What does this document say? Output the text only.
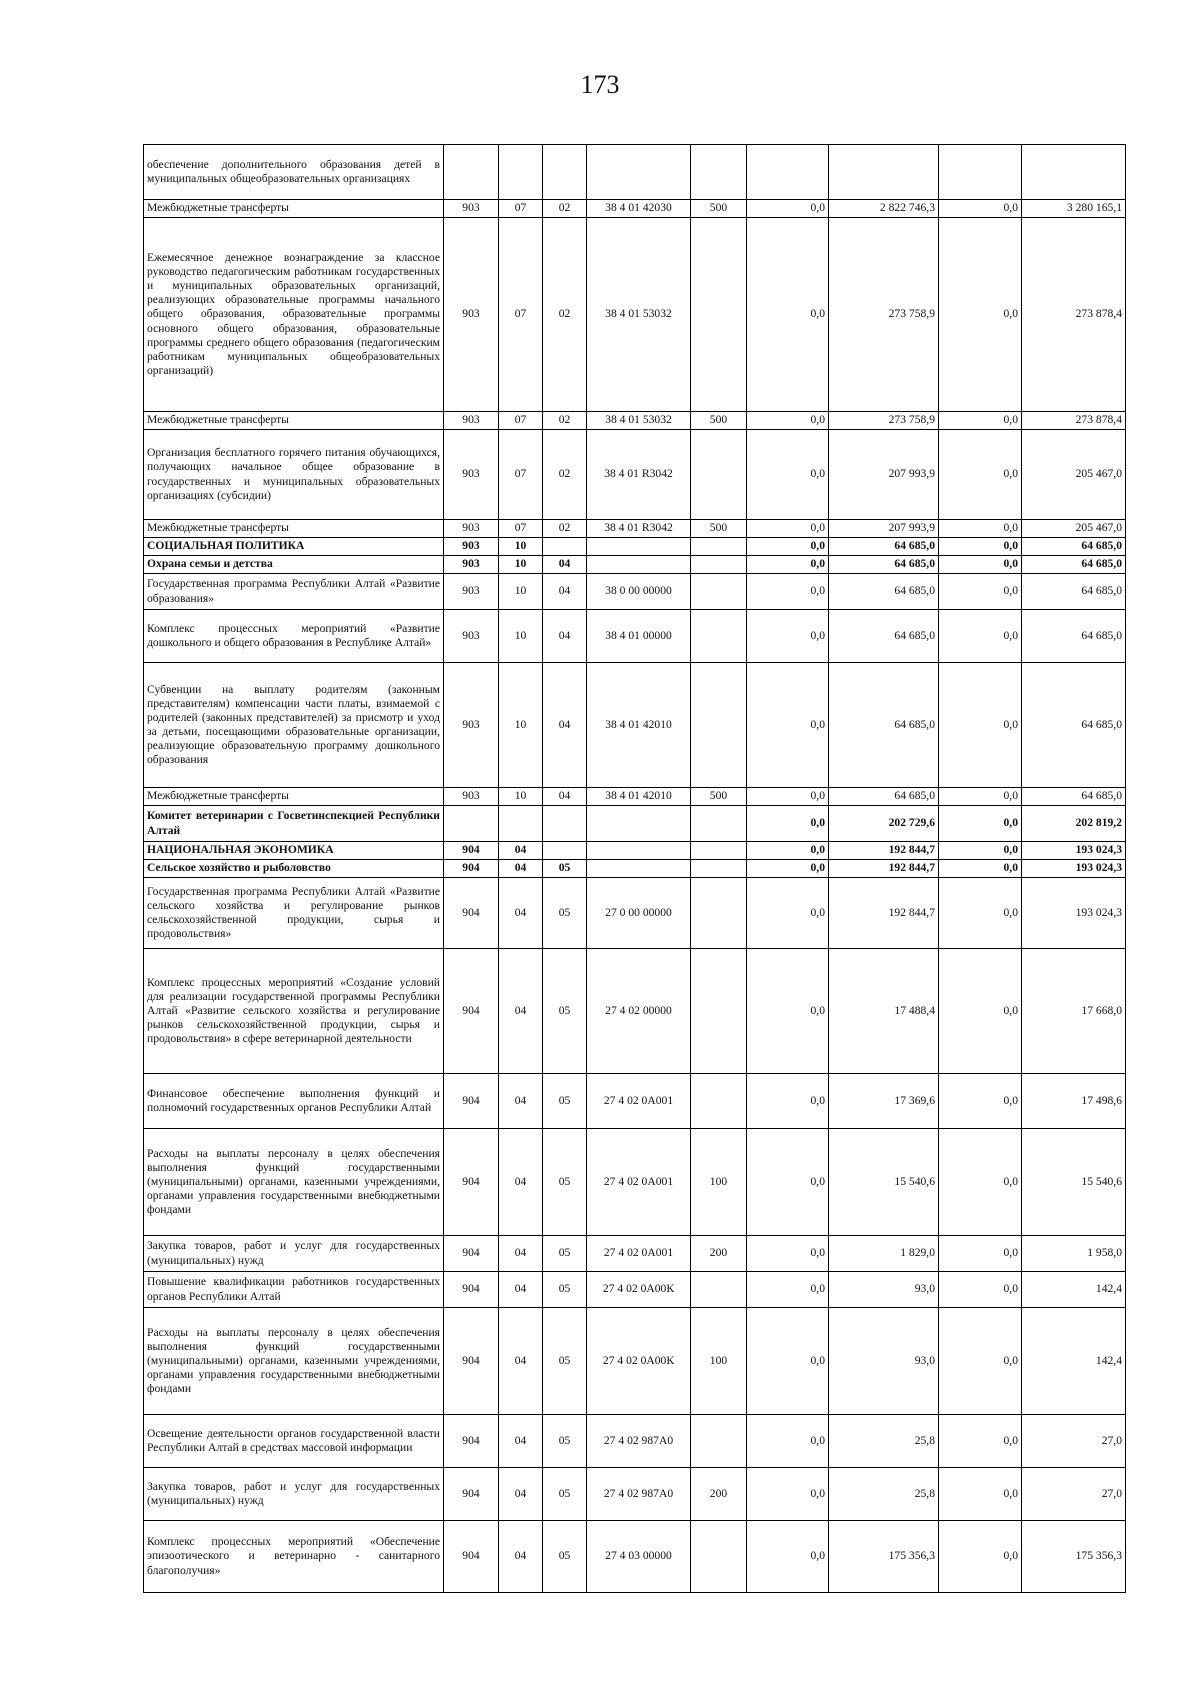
173
обеспечение дополнительного образования детей в муниципальных общеобразовательных организациях									
Межбюджетные трансферты	903	07	02	38 4 01 42030	500	0,0	2 822 746,3	0,0	3 280 165,1
Ежемесячное денежное вознаграждение за классное руководство педагогическим работникам государственных и муниципальных образовательных организаций, реализующих образовательные программы начального общего образования, образовательные программы основного общего образования, образовательные программы среднего общего образования (педагогическим работникам муниципальных общеобразовательных организаций)	903	07	02	38 4 01 53032		0,0	273 758,9	0,0	273 878,4
Межбюджетные трансферты	903	07	02	38 4 01 53032	500	0,0	273 758,9	0,0	273 878,4
Организация бесплатного горячего питания обучающихся, получающих начальное общее образование в государственных и муниципальных образовательных организациях (субсидии)	903	07	02	38 4 01 R3042		0,0	207 993,9	0,0	205 467,0
Межбюджетные трансферты	903	07	02	38 4 01 R3042	500	0,0	207 993,9	0,0	205 467,0
СОЦИАЛЬНАЯ ПОЛИТИКА	903	10				0,0	64 685,0	0,0	64 685,0
Охрана семьи и детства	903	10	04			0,0	64 685,0	0,0	64 685,0
Государственная программа Республики Алтай «Развитие образования»	903	10	04	38 0 00 00000		0,0	64 685,0	0,0	64 685,0
Комплекс процессных мероприятий «Развитие дошкольного и общего образования в Республике Алтай»	903	10	04	38 4 01 00000		0,0	64 685,0	0,0	64 685,0
Субвенции на выплату родителям (законным представителям) компенсации части платы, взимаемой с родителей (законных представителей) за присмотр и уход за детьми, посещающими образовательные организации, реализующие образовательную программу дошкольного образования	903	10	04	38 4 01 42010		0,0	64 685,0	0,0	64 685,0
Межбюджетные трансферты	903	10	04	38 4 01 42010	500	0,0	64 685,0	0,0	64 685,0
Комитет ветеринарии с Госветинспекцией Республики Алтай						0,0	202 729,6	0,0	202 819,2
НАЦИОНАЛЬНАЯ ЭКОНОМИКА	904	04				0,0	192 844,7	0,0	193 024,3
Сельское хозяйство и рыболовство	904	04	05			0,0	192 844,7	0,0	193 024,3
Государственная программа Республики Алтай «Развитие сельского хозяйства и регулирование рынков сельскохозяйственной продукции, сырья и продовольствия»	904	04	05	27 0 00 00000		0,0	192 844,7	0,0	193 024,3
Комплекс процессных мероприятий «Создание условий для реализации государственной программы Республики Алтай «Развитие сельского хозяйства и регулирование рынков сельскохозяйственной продукции, сырья и продовольствия» в сфере ветеринарной деятельности	904	04	05	27 4 02 00000		0,0	17 488,4	0,0	17 668,0
Финансовое обеспечение выполнения функций и полномочий государственных органов Республики Алтай	904	04	05	27 4 02 0А001		0,0	17 369,6	0,0	17 498,6
Расходы на выплаты персоналу в целях обеспечения выполнения функций государственными (муниципальными) органами, казенными учреждениями, органами управления государственными внебюджетными фондами	904	04	05	27 4 02 0А001	100	0,0	15 540,6	0,0	15 540,6
Закупка товаров, работ и услуг для государственных (муниципальных) нужд	904	04	05	27 4 02 0А001	200	0,0	1 829,0	0,0	1 958,0
Повышение квалификации работников государственных органов Республики Алтай	904	04	05	27 4 02 0А00К		0,0	93,0	0,0	142,4
Расходы на выплаты персоналу в целях обеспечения выполнения функций государственными (муниципальными) органами, казенными учреждениями, органами управления государственными внебюджетными фондами	904	04	05	27 4 02 0А00К	100	0,0	93,0	0,0	142,4
Освещение деятельности органов государственной власти Республики Алтай в средствах массовой информации	904	04	05	27 4 02 987А0		0,0	25,8	0,0	27,0
Закупка товаров, работ и услуг для государственных (муниципальных) нужд	904	04	05	27 4 02 987А0	200	0,0	25,8	0,0	27,0
Комплекс процессных мероприятий «Обеспечение эпизоотического и ветеринарно - санитарного благополучия»	904	04	05	27 4 03 00000		0,0	175 356,3	0,0	175 356,3
